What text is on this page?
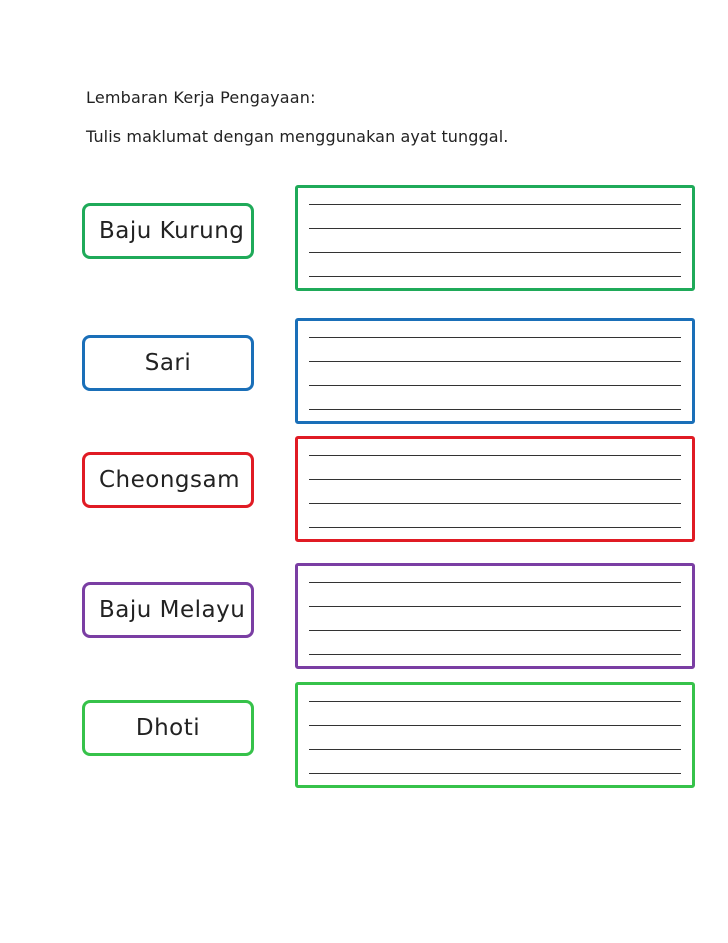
Lembaran Kerja Pengayaan:
Tulis maklumat dengan menggunakan ayat tunggal.
Baju Kurung
Sari
Cheongsam
Baju Melayu
Dhoti
